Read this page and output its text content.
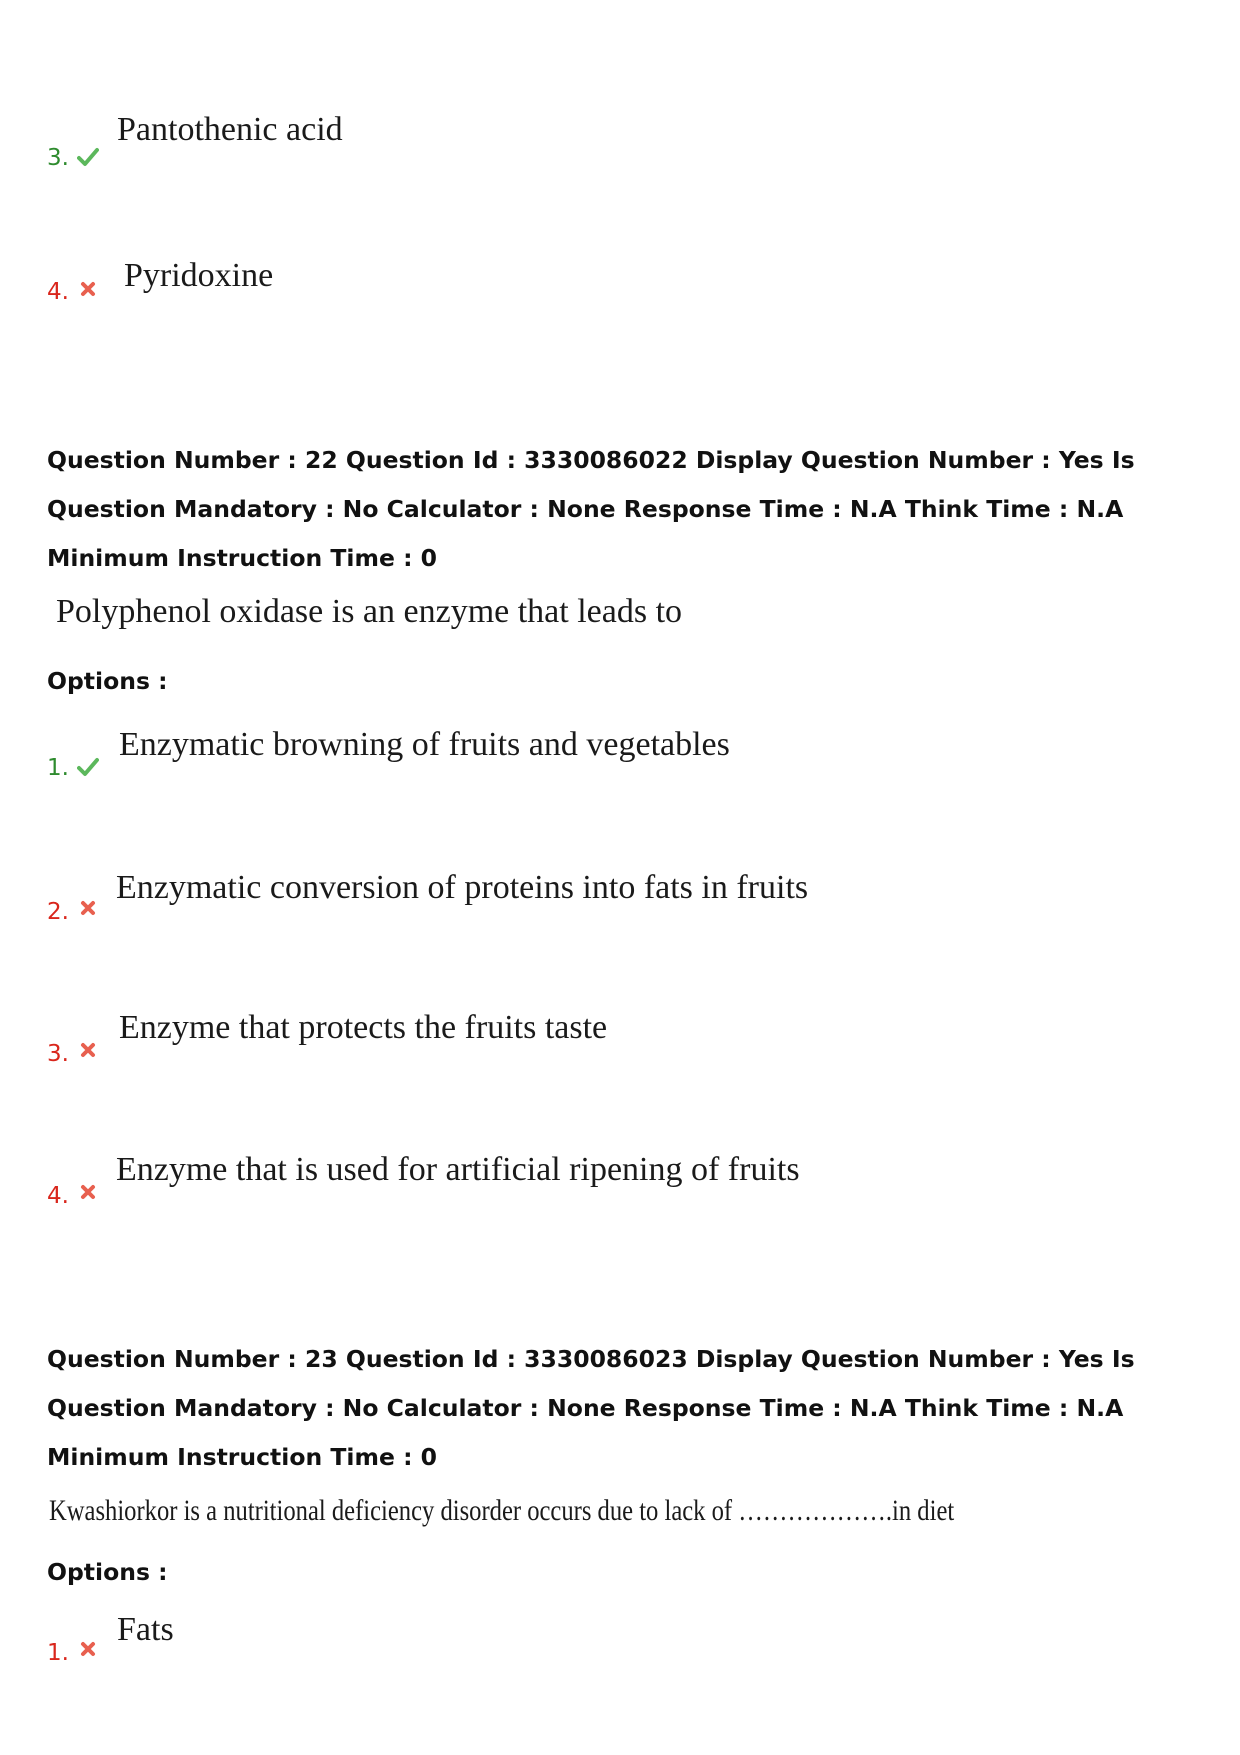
3.
Pantothenic acid
4. Pyridoxine
Question Number : 22 Question Id : 3330086022 Display Question Number : Yes Is Question Mandatory : No Calculator : None Response Time : N.A Think Time : N.A Minimum Instruction Time : 0
Polyphenol oxidase is an enzyme that leads to
Options :
1.
Enzymatic browning of fruits and vegetables
2.
Enzymatic conversion of proteins into fats in fruits
3.
Enzyme that protects the fruits taste
4.
Enzyme that is used for artificial ripening of fruits
Question Number : 23 Question Id : 3330086023 Display Question Number : Yes Is Question Mandatory : No Calculator : None Response Time : N.A Think Time : N.A Minimum Instruction Time : 0
Kwashiorkor is a nutritional deficiency disorder occurs due to lack of ……………….in diet
Options :
1.
Fats
